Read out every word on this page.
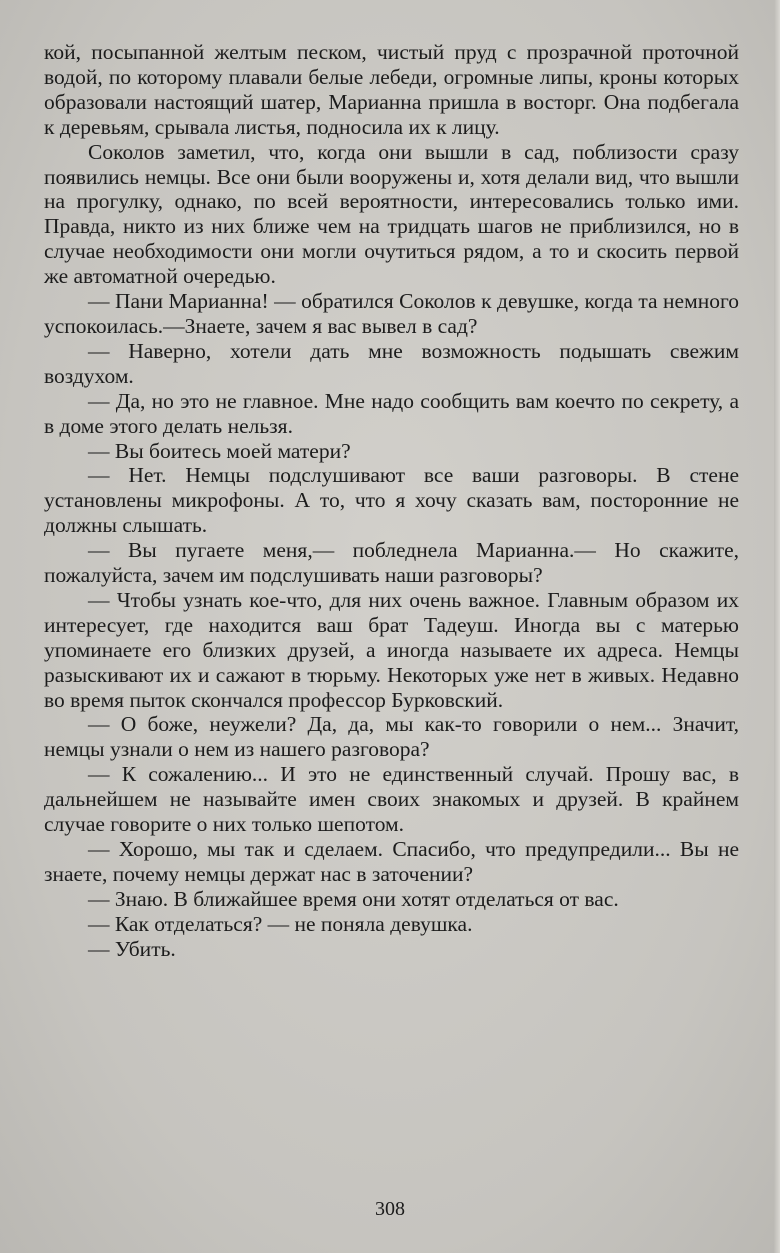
кой, посыпанной желтым песком, чистый пруд с прозрачной проточной водой, по которому плавали белые лебеди, огромные липы, кроны которых образовали настоящий шатер, Марианна пришла в восторг. Она подбегала к деревьям, срывала листья, подносила их к лицу.

Соколов заметил, что, когда они вышли в сад, поблизости сразу появились немцы. Все они были вооружены и, хотя делали вид, что вышли на прогулку, однако, по всей вероятности, интересовались только ими. Правда, никто из них ближе чем на тридцать шагов не приблизился, но в случае необходимости они могли очутиться рядом, а то и скосить первой же автоматной очередью.

— Пани Марианна! — обратился Соколов к девушке, когда та немного успокоилась.—Знаете, зачем я вас вывел в сад?

— Наверно, хотели дать мне возможность подышать свежим воздухом.

— Да, но это не главное. Мне надо сообщить вам коечто по секрету, а в доме этого делать нельзя.

— Вы боитесь моей матери?

— Нет. Немцы подслушивают все ваши разговоры. В стене установлены микрофоны. А то, что я хочу сказать вам, посторонние не должны слышать.

— Вы пугаете меня,— побледнела Марианна.— Но скажите, пожалуйста, зачем им подслушивать наши разговоры?

— Чтобы узнать кое-что, для них очень важное. Главным образом их интересует, где находится ваш брат Тадеуш. Иногда вы с матерью упоминаете его близких друзей, а иногда называете их адреса. Немцы разыскивают их и сажают в тюрьму. Некоторых уже нет в живых. Недавно во время пыток скончался профессор Бурковский.

— О боже, неужели? Да, да, мы как-то говорили о нем... Значит, немцы узнали о нем из нашего разговора?

— К сожалению... И это не единственный случай. Прошу вас, в дальнейшем не называйте имен своих знакомых и друзей. В крайнем случае говорите о них только шепотом.

— Хорошо, мы так и сделаем. Спасибо, что предупредили... Вы не знаете, почему немцы держат нас в заточении?

— Знаю. В ближайшее время они хотят отделаться от вас.

— Как отделаться? — не поняла девушка.

— Убить.

308
